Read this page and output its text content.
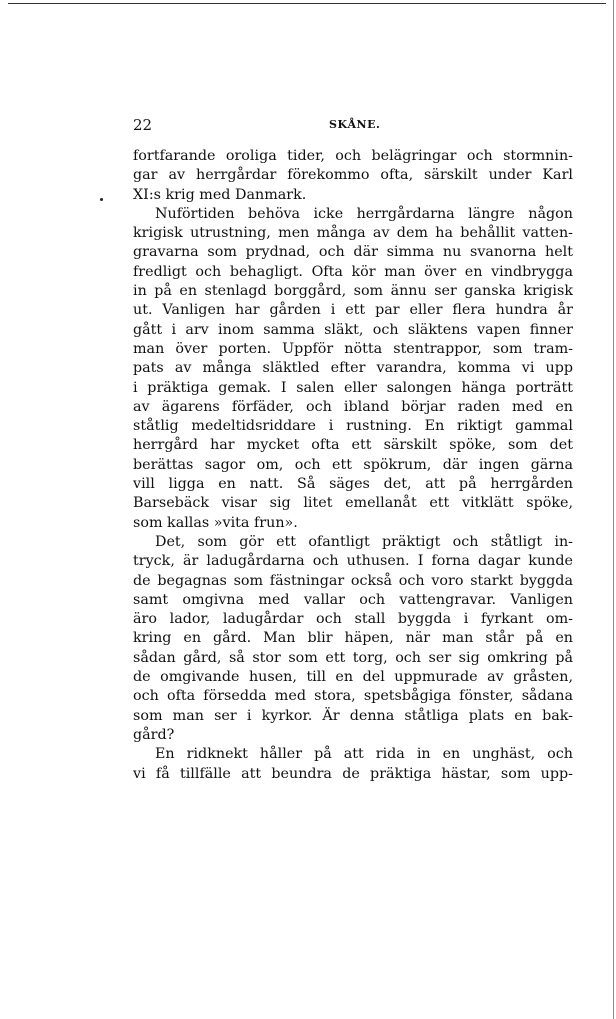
22	SKÅNE.
fortfarande oroliga tider, och belägringar och stormnin-
gar av herrgårdar förekommo ofta, särskilt under Karl
XI:s krig med Danmark.
Nuförtiden behöva icke herrgårdarna längre någon
krigisk utrustning, men många av dem ha behållit vatten-
gravarna som prydnad, och där simma nu svanorna helt
fredligt och behagligt. Ofta kör man över en vindbrygga
in på en stenlagd borggård, som ännu ser ganska krigisk
ut. Vanligen har gården i ett par eller flera hundra år
gått i arv inom samma släkt, och släktens vapen finner
man över porten. Uppför nötta stentrappor, som tram-
pats av många släktled efter varandra, komma vi upp
i präktiga gemak. I salen eller salongen hänga porträtt
av ägarens förfäder, och ibland börjar raden med en
ståtlig medeltidsriddare i rustning. En riktigt gammal
herrgård har mycket ofta ett särskilt spöke, som det
berättas sagor om, och ett spökrum, där ingen gärna
vill ligga en natt. Så säges det, att på herrgården
Barsebäck visar sig litet emellanåt ett vitklätt spöke,
som kallas »vita frun».
Det, som gör ett ofantligt präktigt och ståtligt in-
tryck, är ladugårdarna och uthusen. I forna dagar kunde
de begagnas som fästningar också och voro starkt byggda
samt omgivna med vallar och vattengravar. Vanligen
äro lador, ladugårdar och stall byggda i fyrkant om-
kring en gård. Man blir häpen, när man står på en
sådan gård, så stor som ett torg, och ser sig omkring på
de omgivande husen, till en del uppmurade av gråsten,
och ofta försedda med stora, spetsbågiga fönster, sådana
som man ser i kyrkor. Är denna ståtliga plats en bak-
gård?
En ridknekt håller på att rida in en unghäst, och
vi få tillfälle att beundra de präktiga hästar, som upp-
